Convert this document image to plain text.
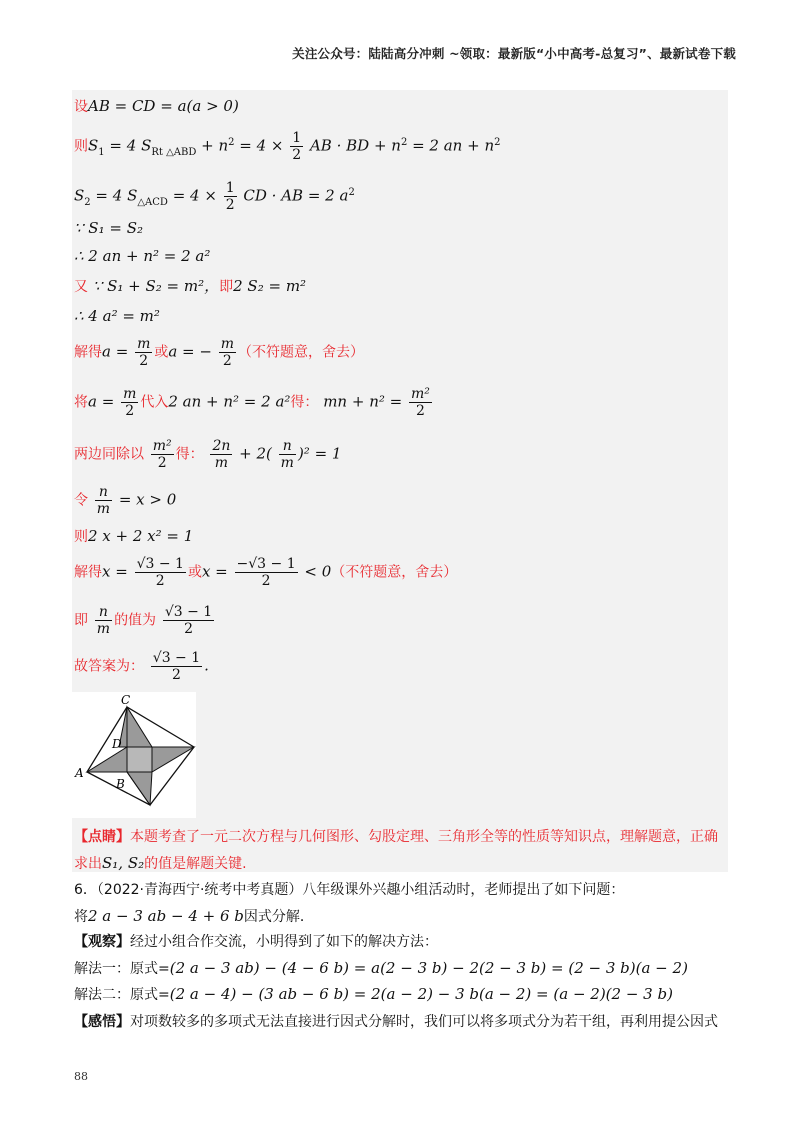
关注公众号：陆陆高分冲刺 ~领取：最新版“小中高考-总复习”、最新试卷下载
设AB = CD = a(a > 0)
则$S_1 = 4$ $S_{Rt \triangle ABD} + n^2 = 4 \times \frac{1}{2}$ AB · BD + $n^2 = 2$ an + $n^2$
$S_2 = 4$ $S_{\triangle ACD} = 4 \times \frac{1}{2}$ CD · AB = 2 $a^2$
∵ S₁ = S₂
∴ 2 an + n² = 2 a²
又 ∵ S₁ + S₂ = m²，即2 S₂ = m²
∴ 4 a² = m²
解得$a = \frac{m}{2}$ 或a = − $\frac{m}{2}$ （不符题意，舍去）
将$a = \frac{m}{2}$ 代入2 an + n² = 2 a²得： mn + $n^2 = \frac{\text{m²}}{2}$
两边同除以 $\frac{\text{m²}}{2}$ 得： $\frac{2n}{m} + 2( \frac{n}{m} )^2 = 1$
令 $\frac{n}{m} = x > 0$
则2 x + 2 x² = 1
解得$x = \frac{√3 - 1}{2}$ 或$x = \frac{-√3 - 1}{2} < 0$（不符题意，舍去）
即 $\frac{n}{m}$ 的值为 $\frac{√3 - 1}{2}$
故答案为： $\frac{√3 - 1}{2}$ .
C
D
A
B
【点睛】本题考查了一元二次方程与几何图形、勾股定理、三角形全等的性质等知识点，理解题意，正确求出S₁, S₂的值是解题关键.
6．（2022·青海西宁·统考中考真题）八年级课外兴趣小组活动时，老师提出了如下问题：
将2 a − 3 ab − 4 + 6 b因式分解．
【观察】经过小组合作交流，小明得到了如下的解决方法：
解法一：原式=(2 a − 3 ab) − (4 − 6 b) = a(2 − 3 b) − 2(2 − 3 b) = (2 − 3 b)(a − 2)
解法二：原式=(2 a − 4) − (3 ab − 6 b) = 2(a − 2) − 3 b(a − 2) = (a − 2)(2 − 3 b)
【感悟】对项数较多的多项式无法直接进行因式分解时，我们可以将多项式分为若干组，再利用提公因式
88
